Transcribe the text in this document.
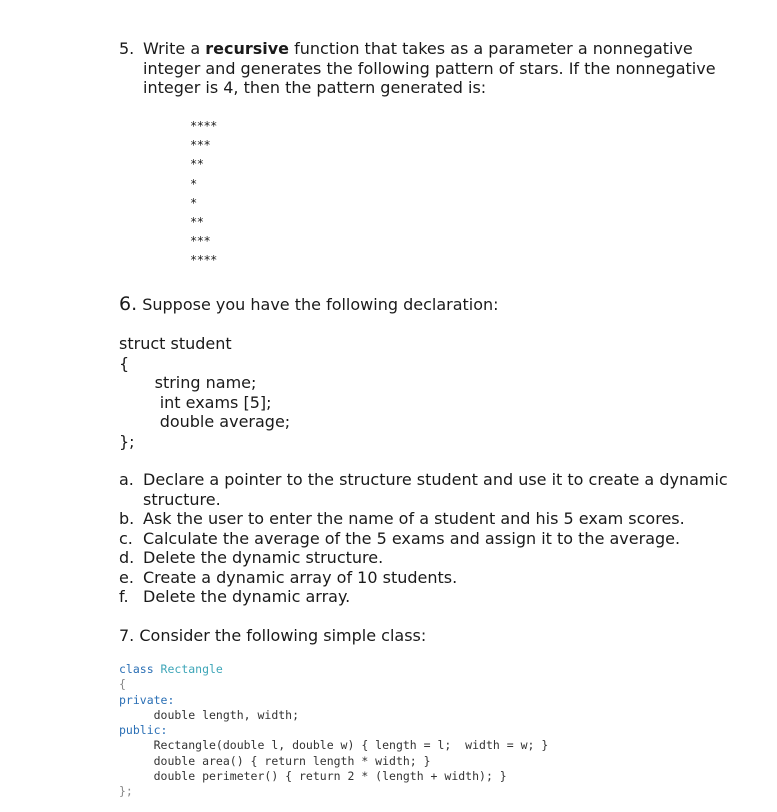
5. Write a recursive function that takes as a parameter a nonnegative integer and generates the following pattern of stars. If the nonnegative integer is 4, then the pattern generated is:
****
***
**
*
*
**
***
****
6. Suppose you have the following declaration:
struct student
{
string name;
int exams [5];
double average;
};
a. Declare a pointer to the structure student and use it to create a dynamic structure.
b. Ask the user to enter the name of a student and his 5 exam scores.
c. Calculate the average of the 5 exams and assign it to the average.
d. Delete the dynamic structure.
e. Create a dynamic array of 10 students.
f. Delete the dynamic array.
7. Consider the following simple class:
class Rectangle
{
private:
double length, width;
public:
Rectangle(double l, double w) { length = l;  width = w; }
double area() { return length * width; }
double perimeter() { return 2 * (length + width); }
};
